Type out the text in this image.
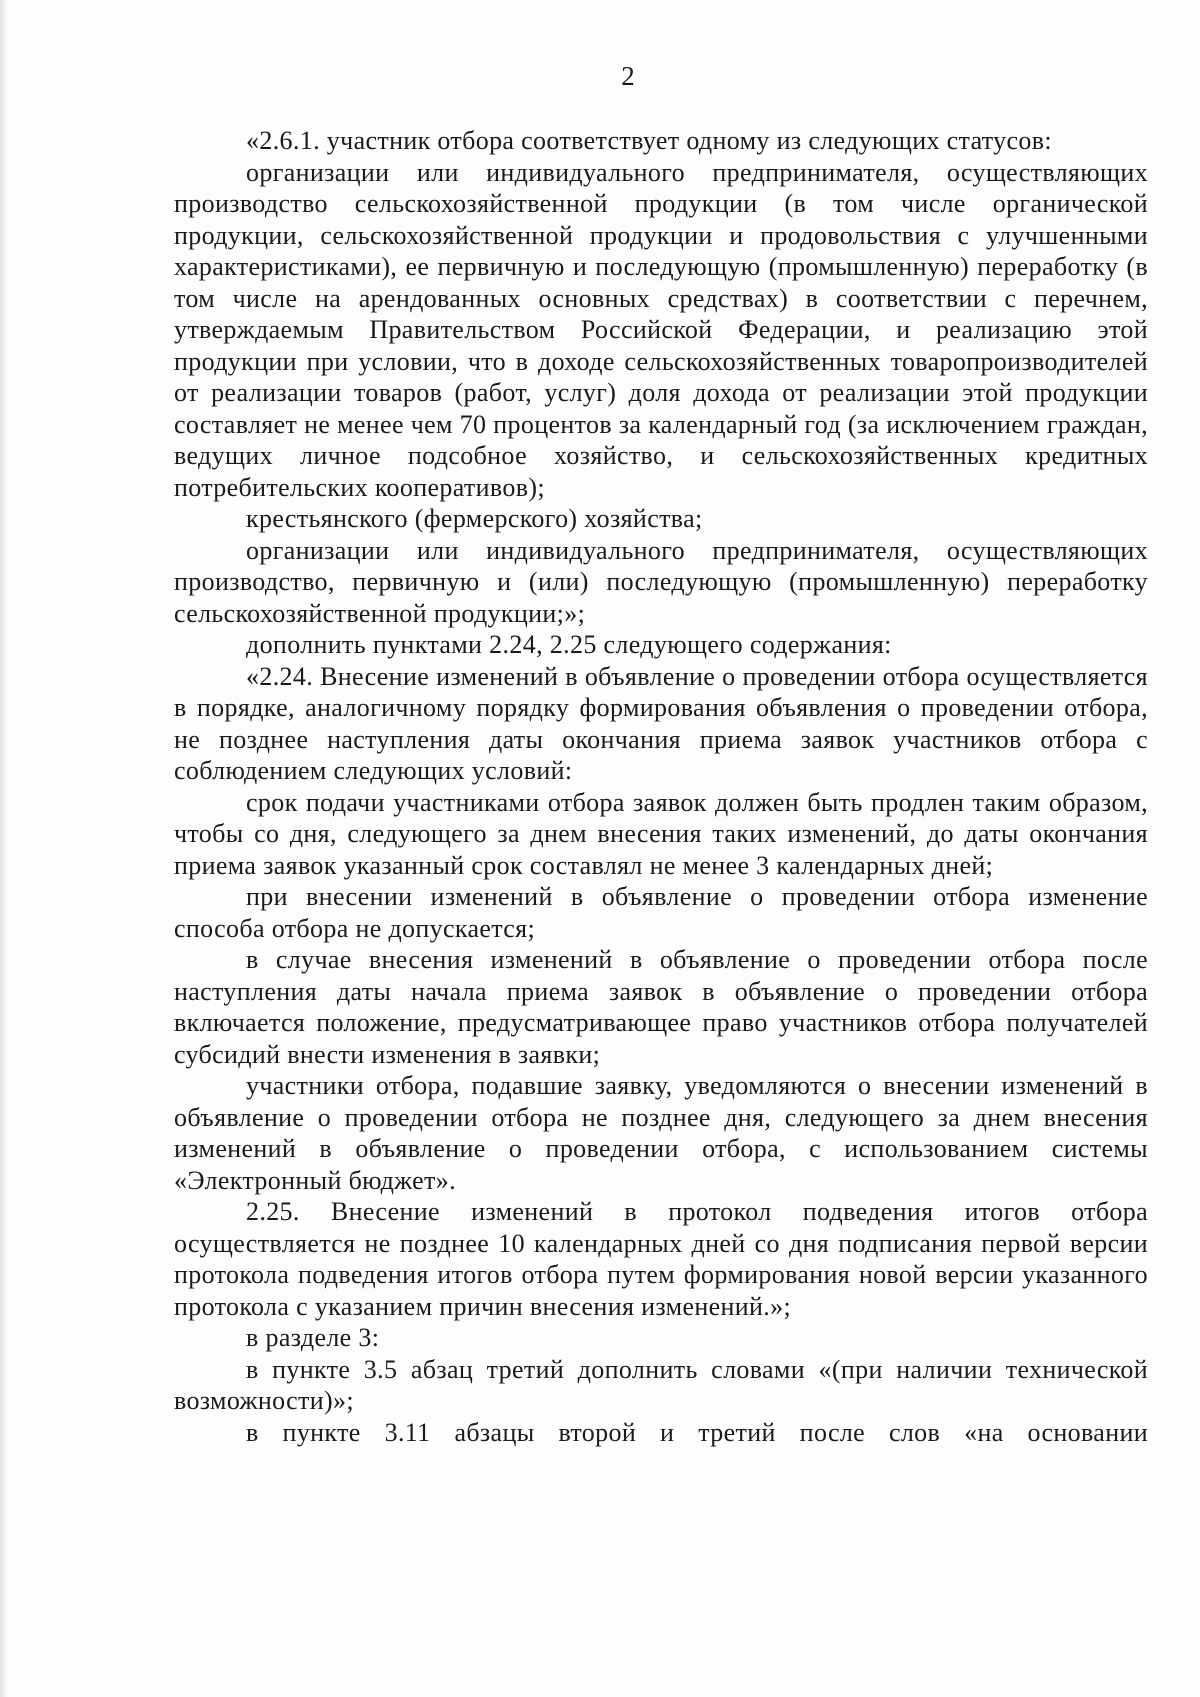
2

«2.6.1. участник отбора соответствует одному из следующих статусов:

организации или индивидуального предпринимателя, осуществляющих производство сельскохозяйственной продукции (в том числе органической продукции, сельскохозяйственной продукции и продовольствия с улучшенными характеристиками), ее первичную и последующую (промышленную) переработку (в том числе на арендованных основных средствах) в соответствии с перечнем, утверждаемым Правительством Российской Федерации, и реализацию этой продукции при условии, что в доходе сельскохозяйственных товаропроизводителей от реализации товаров (работ, услуг) доля дохода от реализации этой продукции составляет не менее чем 70 процентов за календарный год (за исключением граждан, ведущих личное подсобное хозяйство, и сельскохозяйственных кредитных потребительских кооперативов);

крестьянского (фермерского) хозяйства;

организации или индивидуального предпринимателя, осуществляющих производство, первичную и (или) последующую (промышленную) переработку сельскохозяйственной продукции;»;

дополнить пунктами 2.24, 2.25 следующего содержания:

«2.24. Внесение изменений в объявление о проведении отбора осуществляется в порядке, аналогичному порядку формирования объявления о проведении отбора, не позднее наступления даты окончания приема заявок участников отбора с соблюдением следующих условий:

срок подачи участниками отбора заявок должен быть продлен таким образом, чтобы со дня, следующего за днем внесения таких изменений, до даты окончания приема заявок указанный срок составлял не менее 3 календарных дней;

при внесении изменений в объявление о проведении отбора изменение способа отбора не допускается;

в случае внесения изменений в объявление о проведении отбора после наступления даты начала приема заявок в объявление о проведении отбора включается положение, предусматривающее право участников отбора получателей субсидий внести изменения в заявки;

участники отбора, подавшие заявку, уведомляются о внесении изменений в объявление о проведении отбора не позднее дня, следующего за днем внесения изменений в объявление о проведении отбора, с использованием системы «Электронный бюджет».

2.25. Внесение изменений в протокол подведения итогов отбора осуществляется не позднее 10 календарных дней со дня подписания первой версии протокола подведения итогов отбора путем формирования новой версии указанного протокола с указанием причин внесения изменений.»;

в разделе 3:

в пункте 3.5 абзац третий дополнить словами «(при наличии технической возможности)»;

в пункте 3.11 абзацы второй и третий после слов «на основании
